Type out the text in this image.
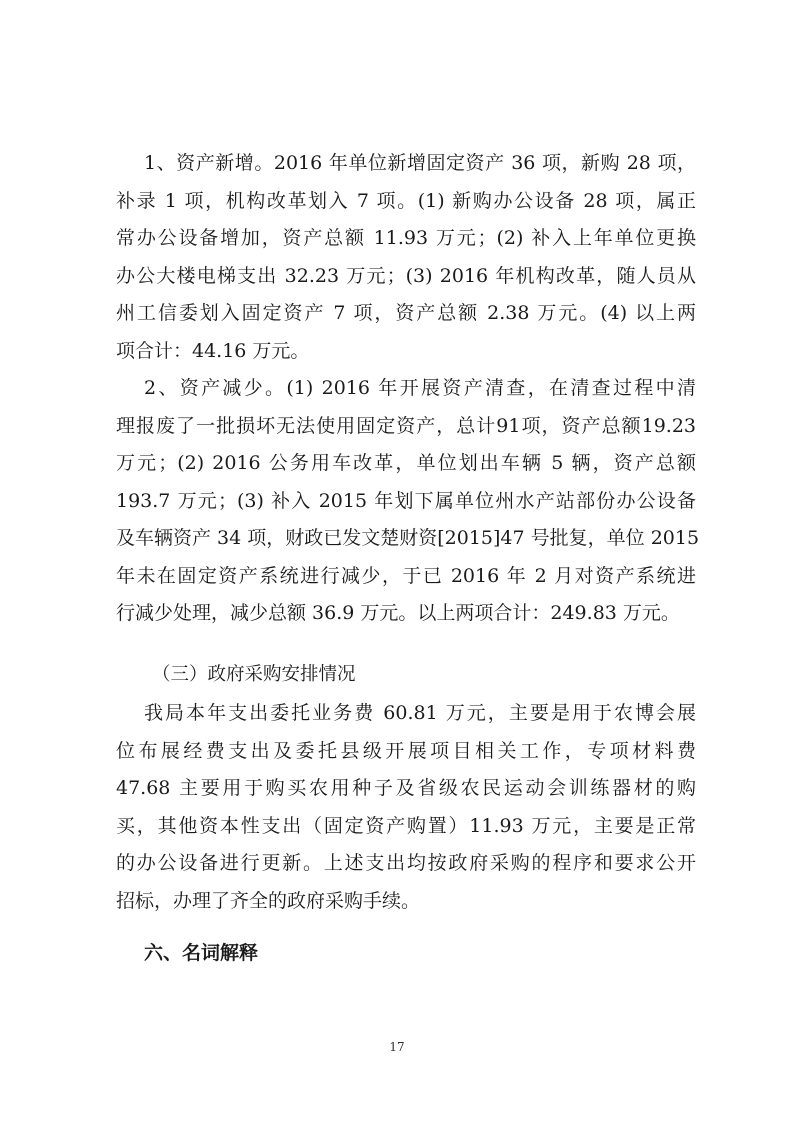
1、资产新增。2016 年单位新增固定资产 36 项，新购 28 项，
补录 1 项，机构改革划入 7 项。(1) 新购办公设备 28 项，属正
常办公设备增加，资产总额 11.93 万元；(2) 补入上年单位更换
办公大楼电梯支出 32.23 万元；(3) 2016 年机构改革，随人员从
州工信委划入固定资产 7 项，资产总额 2.38 万元。(4) 以上两
项合计：44.16 万元。
2、资产减少。(1) 2016 年开展资产清查，在清查过程中清
理报废了一批损坏无法使用固定资产，总计91项，资产总额19.23
万元；(2) 2016 公务用车改革，单位划出车辆 5 辆，资产总额
193.7 万元；(3) 补入 2015 年划下属单位州水产站部份办公设备
及车辆资产 34 项，财政已发文楚财资[2015]47 号批复，单位 2015
年未在固定资产系统进行减少，于已 2016 年 2 月对资产系统进
行减少处理，减少总额 36.9 万元。以上两项合计：249.83 万元。
（三）政府采购安排情况
我局本年支出委托业务费 60.81 万元，主要是用于农博会展
位布展经费支出及委托县级开展项目相关工作，专项材料费
47.68 主要用于购买农用种子及省级农民运动会训练器材的购
买，其他资本性支出（固定资产购置）11.93 万元，主要是正常
的办公设备进行更新。上述支出均按政府采购的程序和要求公开
招标，办理了齐全的政府采购手续。
六、名词解释
17
